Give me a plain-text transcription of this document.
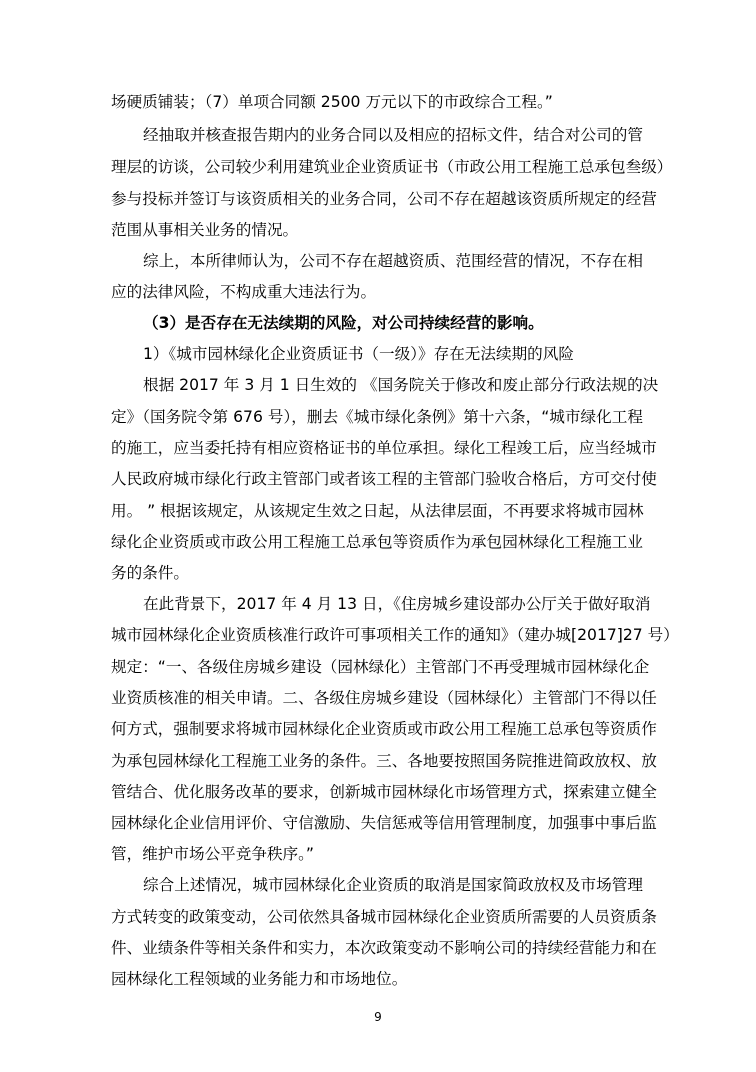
场硬质铺装；（7）单项合同额 2500 万元以下的市政综合工程。”
经抽取并核查报告期内的业务合同以及相应的招标文件，结合对公司的管
理层的访谈，公司较少利用建筑业企业资质证书（市政公用工程施工总承包叁级）
参与投标并签订与该资质相关的业务合同，公司不存在超越该资质所规定的经营
范围从事相关业务的情况。
综上，本所律师认为，公司不存在超越资质、范围经营的情况，不存在相
应的法律风险，不构成重大违法行为。
（3）是否存在无法续期的风险，对公司持续经营的影响。
1）《城市园林绿化企业资质证书（一级）》存在无法续期的风险
根据 2017 年 3 月 1 日生效的 《国务院关于修改和废止部分行政法规的决
定》（国务院令第 676 号），删去《城市绿化条例》第十六条，“城市绿化工程
的施工，应当委托持有相应资格证书的单位承担。绿化工程竣工后，应当经城市
人民政府城市绿化行政主管部门或者该工程的主管部门验收合格后，方可交付使
用。 ” 根据该规定，从该规定生效之日起，从法律层面，不再要求将城市园林
绿化企业资质或市政公用工程施工总承包等资质作为承包园林绿化工程施工业
务的条件。
在此背景下，2017 年 4 月 13 日，《住房城乡建设部办公厅关于做好取消
城市园林绿化企业资质核准行政许可事项相关工作的通知》（建办城[2017]27 号）
规定：“一、各级住房城乡建设（园林绿化）主管部门不再受理城市园林绿化企
业资质核准的相关申请。二、各级住房城乡建设（园林绿化）主管部门不得以任
何方式，强制要求将城市园林绿化企业资质或市政公用工程施工总承包等资质作
为承包园林绿化工程施工业务的条件。三、各地要按照国务院推进简政放权、放
管结合、优化服务改革的要求，创新城市园林绿化市场管理方式，探索建立健全
园林绿化企业信用评价、守信激励、失信惩戒等信用管理制度，加强事中事后监
管，维护市场公平竞争秩序。”
综合上述情况，城市园林绿化企业资质的取消是国家简政放权及市场管理
方式转变的政策变动，公司依然具备城市园林绿化企业资质所需要的人员资质条
件、业绩条件等相关条件和实力，本次政策变动不影响公司的持续经营能力和在
园林绿化工程领域的业务能力和市场地位。
9
